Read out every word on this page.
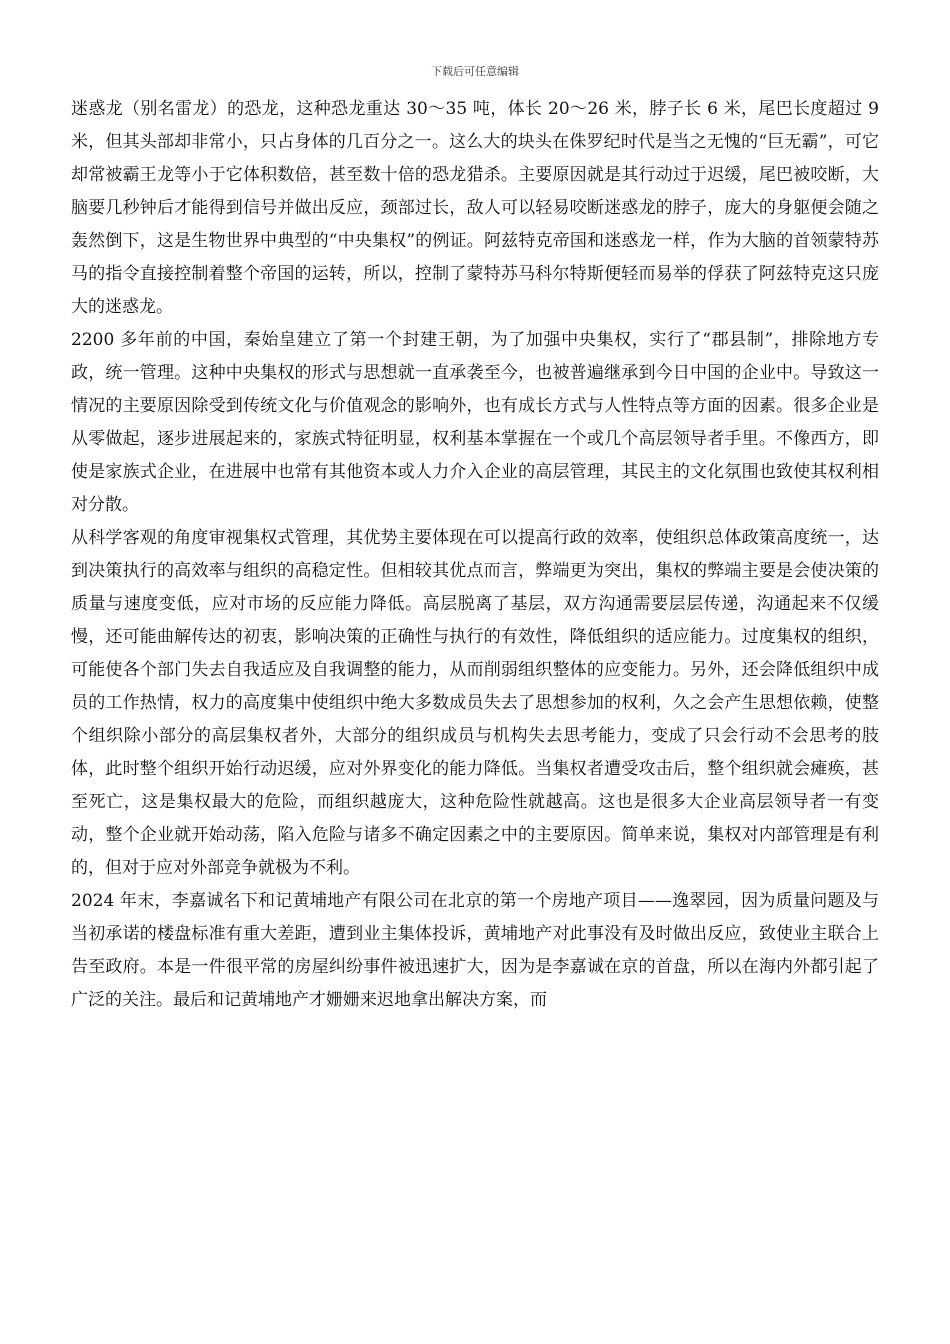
下载后可任意编辑

迷惑龙（别名雷龙）的恐龙，这种恐龙重达 30～35 吨，体长 20～26 米，脖子长 6 米，尾巴长度超过 9 米，但其头部却非常小，只占身体的几百分之一。这么大的块头在侏罗纪时代是当之无愧的“巨无霸”，可它却常被霸王龙等小于它体积数倍，甚至数十倍的恐龙猎杀。主要原因就是其行动过于迟缓，尾巴被咬断，大脑要几秒钟后才能得到信号并做出反应，颈部过长，敌人可以轻易咬断迷惑龙的脖子，庞大的身躯便会随之轰然倒下，这是生物世界中典型的“中央集权”的例证。阿兹特克帝国和迷惑龙一样，作为大脑的首领蒙特苏马的指令直接控制着整个帝国的运转，所以，控制了蒙特苏马科尔特斯便轻而易举的俘获了阿兹特克这只庞大的迷惑龙。

2200 多年前的中国，秦始皇建立了第一个封建王朝，为了加强中央集权，实行了“郡县制”，排除地方专政，统一管理。这种中央集权的形式与思想就一直承袭至今，也被普遍继承到今日中国的企业中。导致这一情况的主要原因除受到传统文化与价值观念的影响外，也有成长方式与人性特点等方面的因素。很多企业是从零做起，逐步进展起来的，家族式特征明显，权利基本掌握在一个或几个高层领导者手里。不像西方，即使是家族式企业，在进展中也常有其他资本或人力介入企业的高层管理，其民主的文化氛围也致使其权利相对分散。

从科学客观的角度审视集权式管理，其优势主要体现在可以提高行政的效率，使组织总体政策高度统一，达到决策执行的高效率与组织的高稳定性。但相较其优点而言，弊端更为突出，集权的弊端主要是会使决策的质量与速度变低，应对市场的反应能力降低。高层脱离了基层，双方沟通需要层层传递，沟通起来不仅缓慢，还可能曲解传达的初衷，影响决策的正确性与执行的有效性，降低组织的适应能力。过度集权的组织，可能使各个部门失去自我适应及自我调整的能力，从而削弱组织整体的应变能力。另外，还会降低组织中成员的工作热情，权力的高度集中使组织中绝大多数成员失去了思想参加的权利，久之会产生思想依赖，使整个组织除小部分的高层集权者外，大部分的组织成员与机构失去思考能力，变成了只会行动不会思考的肢体，此时整个组织开始行动迟缓，应对外界变化的能力降低。当集权者遭受攻击后，整个组织就会瘫痪，甚至死亡，这是集权最大的危险，而组织越庞大，这种危险性就越高。这也是很多大企业高层领导者一有变动，整个企业就开始动荡，陷入危险与诸多不确定因素之中的主要原因。简单来说，集权对内部管理是有利的，但对于应对外部竞争就极为不利。

2024 年末，李嘉诚名下和记黄埔地产有限公司在北京的第一个房地产项目——逸翠园，因为质量问题及与当初承诺的楼盘标准有重大差距，遭到业主集体投诉，黄埔地产对此事没有及时做出反应，致使业主联合上告至政府。本是一件很平常的房屋纠纷事件被迅速扩大，因为是李嘉诚在京的首盘，所以在海内外都引起了广泛的关注。最后和记黄埔地产才姗姗来迟地拿出解决方案，而
